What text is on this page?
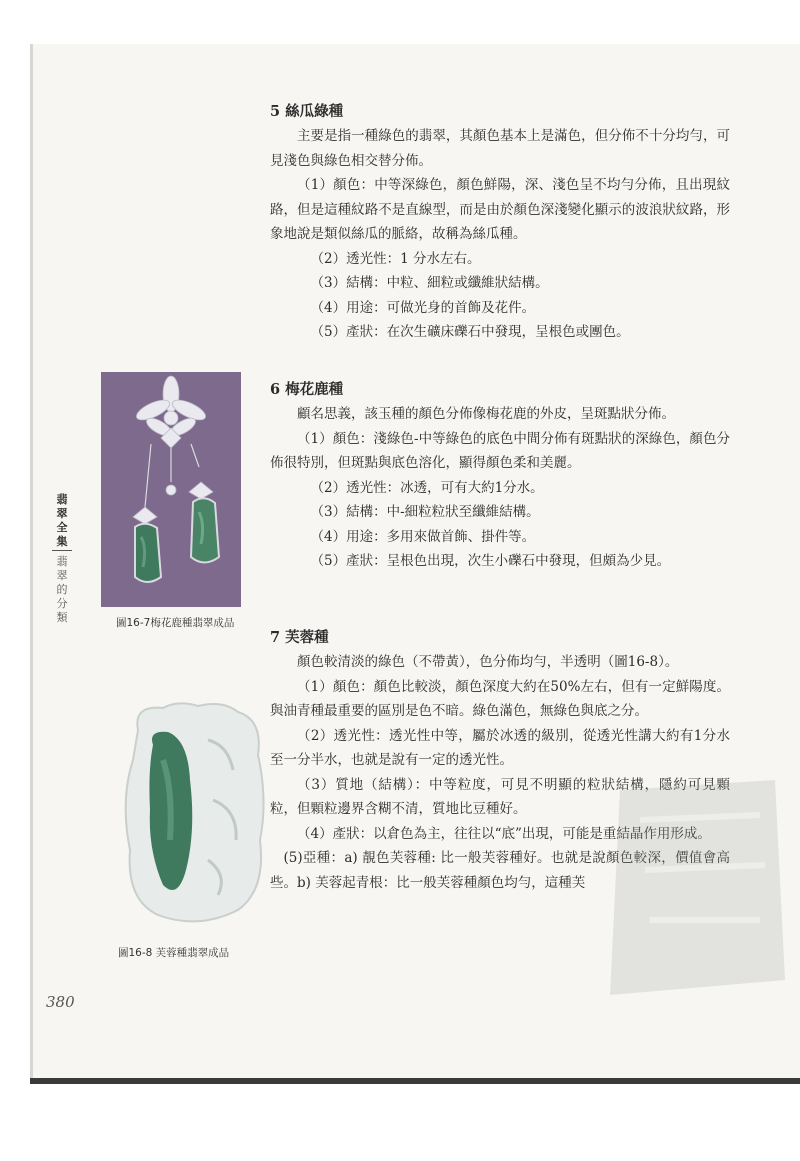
5 絲瓜綠種

主要是指一種綠色的翡翠，其顏色基本上是滿色，但分佈不十分均勻，可見淺色與綠色相交替分佈。

（1）顏色：中等深綠色，顏色鮮陽，深、淺色呈不均勻分佈，且出現紋路，但是這種紋路不是直線型，而是由於顏色深淺變化顯示的波浪狀紋路，形象地說是類似絲瓜的脈絡，故稱為絲瓜種。

（2）透光性：1 分水左右。

（3）結構：中粒、細粒或纖維狀結構。

（4）用途：可做光身的首飾及花件。

（5）產狀：在次生礦床礫石中發現，呈根色或團色。

6 梅花鹿種

顧名思義，該玉種的顏色分佈像梅花鹿的外皮，呈斑點狀分佈。

（1）顏色：淺綠色-中等綠色的底色中間分佈有斑點狀的深綠色，顏色分佈很特別，但斑點與底色溶化，顯得顏色柔和美麗。

（2）透光性：冰透，可有大約1分水。

（3）結構：中-細粒粒狀至纖維結構。

（4）用途：多用來做首飾、掛件等。

（5）產狀：呈根色出現，次生小礫石中發現，但頗為少見。

7 芙蓉種

顏色較清淡的綠色（不帶黃），色分佈均勻，半透明（圖16-8）。

（1）顏色：顏色比較淡，顏色深度大約在50%左右，但有一定鮮陽度。與油青種最重要的區別是色不暗。綠色滿色，無綠色與底之分。

（2）透光性：透光性中等，屬於冰透的級別，從透光性講大約有1分水至一分半水，也就是說有一定的透光性。

（3）質地（結構）：中等粒度，可見不明顯的粒狀結構，隱約可見顆粒，但顆粒邊界含糊不清，質地比豆種好。

（4）產狀：以倉色為主，往往以“底”出現，可能是重結晶作用形成。

(5)亞種：a) 靚色芙蓉種: 比一般芙蓉種好。也就是說顏色較深，價值會高些。b) 芙蓉起青根：比一般芙蓉種顏色均勻，這種芙

圖16-7梅花鹿種翡翠成品
圖16-8 芙蓉種翡翠成品
翡翠全集
翡翠的分類
380
